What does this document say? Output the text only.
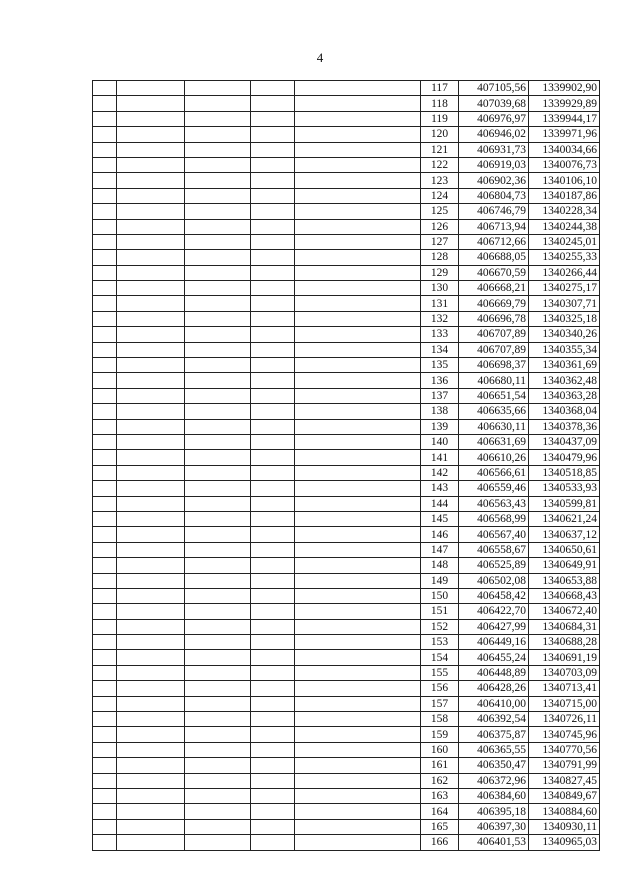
4
					117	407105,56	1339902,90
					118	407039,68	1339929,89
					119	406976,97	1339944,17
					120	406946,02	1339971,96
					121	406931,73	1340034,66
					122	406919,03	1340076,73
					123	406902,36	1340106,10
					124	406804,73	1340187,86
					125	406746,79	1340228,34
					126	406713,94	1340244,38
					127	406712,66	1340245,01
					128	406688,05	1340255,33
					129	406670,59	1340266,44
					130	406668,21	1340275,17
					131	406669,79	1340307,71
					132	406696,78	1340325,18
					133	406707,89	1340340,26
					134	406707,89	1340355,34
					135	406698,37	1340361,69
					136	406680,11	1340362,48
					137	406651,54	1340363,28
					138	406635,66	1340368,04
					139	406630,11	1340378,36
					140	406631,69	1340437,09
					141	406610,26	1340479,96
					142	406566,61	1340518,85
					143	406559,46	1340533,93
					144	406563,43	1340599,81
					145	406568,99	1340621,24
					146	406567,40	1340637,12
					147	406558,67	1340650,61
					148	406525,89	1340649,91
					149	406502,08	1340653,88
					150	406458,42	1340668,43
					151	406422,70	1340672,40
					152	406427,99	1340684,31
					153	406449,16	1340688,28
					154	406455,24	1340691,19
					155	406448,89	1340703,09
					156	406428,26	1340713,41
					157	406410,00	1340715,00
					158	406392,54	1340726,11
					159	406375,87	1340745,96
					160	406365,55	1340770,56
					161	406350,47	1340791,99
					162	406372,96	1340827,45
					163	406384,60	1340849,67
					164	406395,18	1340884,60
					165	406397,30	1340930,11
					166	406401,53	1340965,03
